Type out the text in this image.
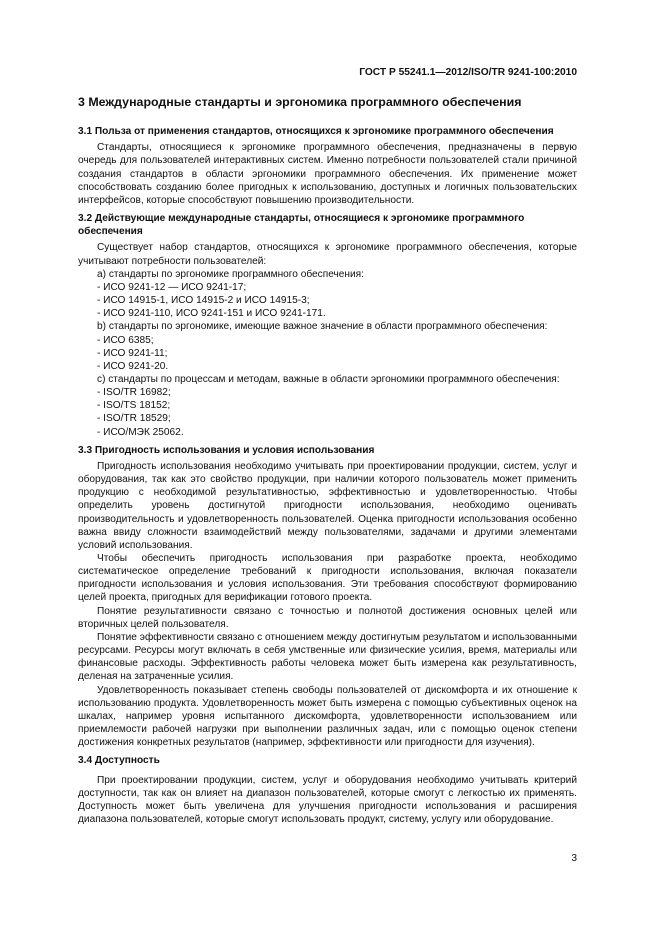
ГОСТ Р 55241.1—2012/ISO/TR 9241-100:2010
3 Международные стандарты и эргономика программного обеспечения
3.1 Польза от применения стандартов, относящихся к эргономике программного обеспечения

Стандарты, относящиеся к эргономике программного обеспечения, предназначены в первую очередь для пользователей интерактивных систем. Именно потребности пользователей стали причиной создания стандартов в области эргономики программного обеспечения. Их применение может способствовать созданию более пригодных к использованию, доступных и логичных пользовательских интерфейсов, которые способствуют повышению производительности.

3.2 Действующие международные стандарты, относящиеся к эргономике программного обеспечения

Существует набор стандартов, относящихся к эргономике программного обеспечения, которые учитывают потребности пользователей:

а) стандарты по эргономике программного обеспечения:
- ИСО 9241-12 — ИСО 9241-17;
- ИСО 14915-1, ИСО 14915-2 и ИСО 14915-3;
- ИСО 9241-110, ИСО 9241-151 и ИСО 9241-171.
b) стандарты по эргономике, имеющие важное значение в области программного обеспечения:
- ИСО 6385;
- ИСО 9241-11;
- ИСО 9241-20.
с) стандарты по процессам и методам, важные в области эргономики программного обеспечения:
- ISO/TR 16982;
- ISO/TS 18152;
- ISO/TR 18529;
- ИСО/МЭК 25062.
3.3 Пригодность использования и условия использования

Пригодность использования необходимо учитывать при проектировании продукции, систем, услуг и оборудования, так как это свойство продукции, при наличии которого пользователь может применить продукцию с необходимой результативностью, эффективностью и удовлетворенностью. Чтобы определить уровень достигнутой пригодности использования, необходимо оценивать производительность и удовлетворенность пользователей. Оценка пригодности использования особенно важна ввиду сложности взаимодействий между пользователями, задачами и другими элементами условий использования.

Чтобы обеспечить пригодность использования при разработке проекта, необходимо систематическое определение требований к пригодности использования, включая показатели пригодности использования и условия использования. Эти требования способствуют формированию целей проекта, пригодных для верификации готового проекта.

Понятие результативности связано с точностью и полнотой достижения основных целей или вторичных целей пользователя.

Понятие эффективности связано с отношением между достигнутым результатом и использованными ресурсами. Ресурсы могут включать в себя умственные или физические усилия, время, материалы или финансовые расходы. Эффективность работы человека может быть измерена как результативность, деленая на затраченные усилия.

Удовлетворенность показывает степень свободы пользователей от дискомфорта и их отношение к использованию продукта. Удовлетворенность может быть измерена с помощью субъективных оценок на шкалах, например уровня испытанного дискомфорта, удовлетворенности использованием или приемлемости рабочей нагрузки при выполнении различных задач, или с помощью оценок степени достижения конкретных результатов (например, эффективности или пригодности для изучения).

3.4 Доступность

При проектировании продукции, систем, услуг и оборудования необходимо учитывать критерий доступности, так как он влияет на диапазон пользователей, которые смогут с легкостью их применять. Доступность может быть увеличена для улучшения пригодности использования и расширения диапазона пользователей, которые смогут использовать продукт, систему, услугу или оборудование.

3
